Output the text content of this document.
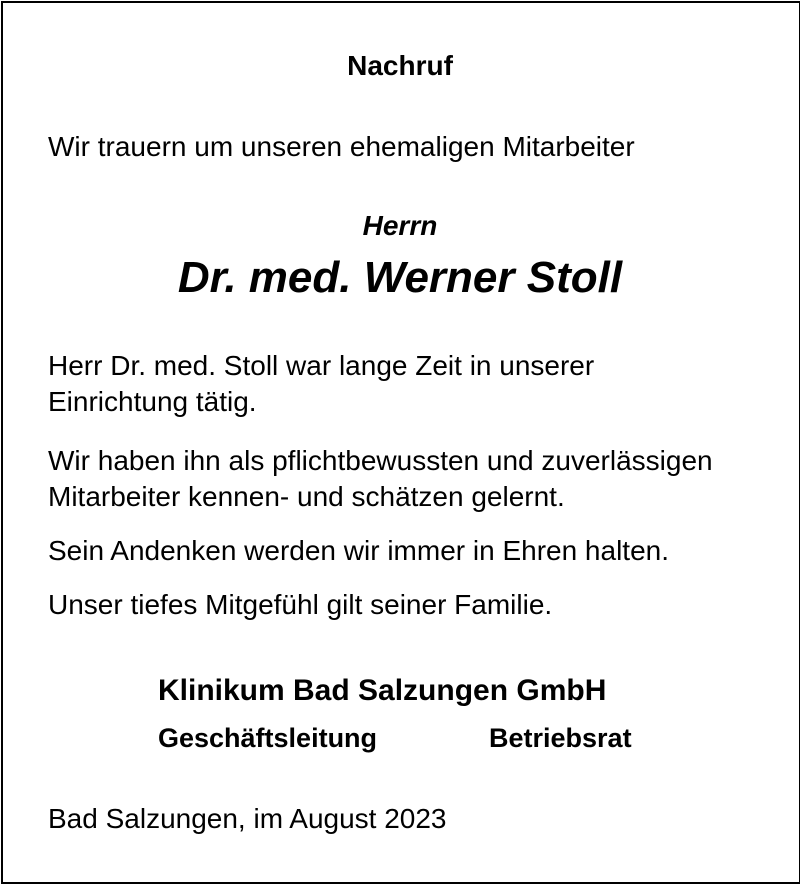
Nachruf
Wir trauern um unseren ehemaligen Mitarbeiter
Herrn
Dr. med. Werner Stoll
Herr Dr. med. Stoll war lange Zeit in unserer
Einrichtung tätig.
Wir haben ihn als pflichtbewussten und zuverlässigen
Mitarbeiter kennen- und schätzen gelernt.
Sein Andenken werden wir immer in Ehren halten.
Unser tiefes Mitgefühl gilt seiner Familie.
Klinikum Bad Salzungen GmbH
Geschäftsleitung	Betriebsrat
Bad Salzungen, im August 2023
